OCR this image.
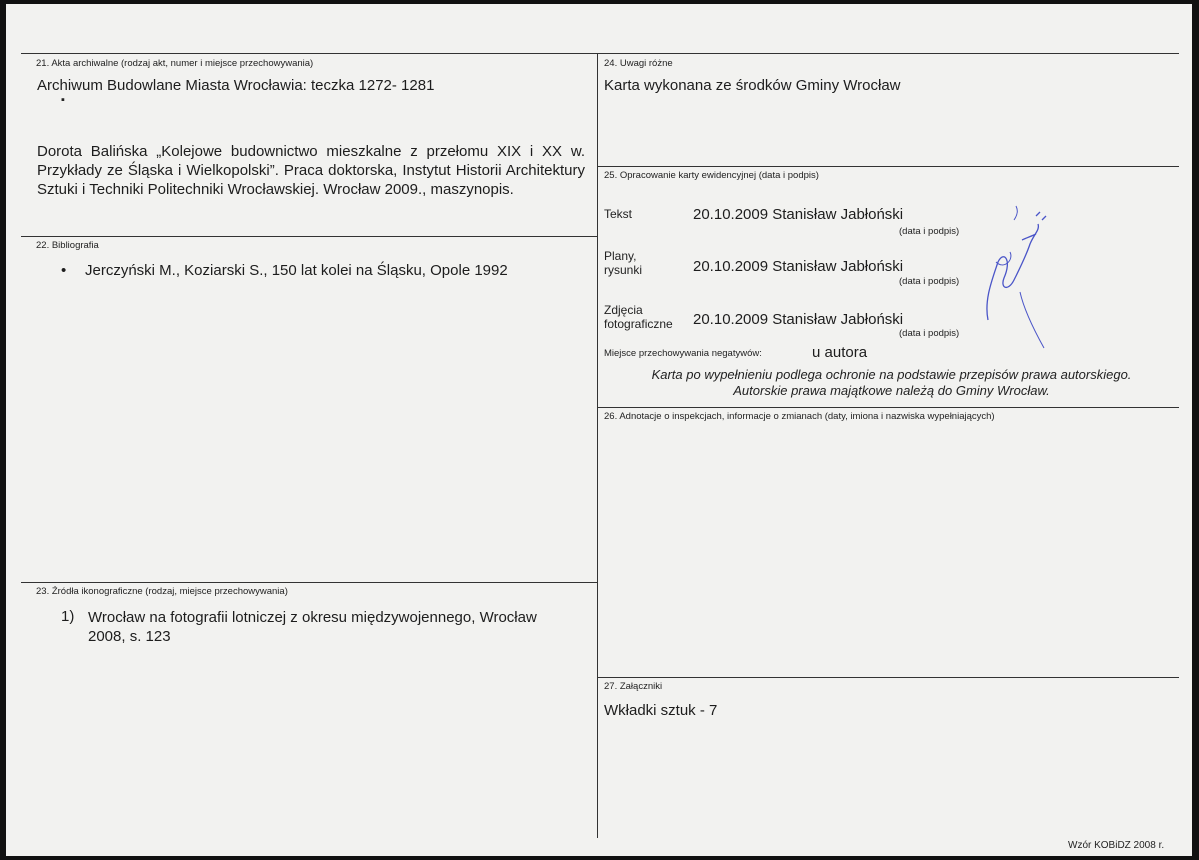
21. Akta archiwalne (rodzaj akt, numer i miejsce przechowywania)
Archiwum Budowlane Miasta Wrocławia: teczka 1272- 1281
▪
Dorota Balińska „Kolejowe budownictwo mieszkalne z przełomu XIX i XX w. Przykłady ze Śląska i Wielkopolski”. Praca doktorska, Instytut Historii Architektury Sztuki i Techniki Politechniki Wrocławskiej. Wrocław 2009., maszynopis.
22. Bibliografia
• Jerczyński M., Koziarski S., 150 lat kolei na Śląsku, Opole 1992
23. Źródła ikonograficzne (rodzaj, miejsce przechowywania)
1) Wrocław na fotografii lotniczej z okresu międzywojennego, Wrocław 2008, s. 123
24. Uwagi różne
Karta wykonana ze środków Gminy Wrocław
25. Opracowanie karty ewidencyjnej (data i podpis)
Tekst	20.10.2009 Stanisław Jabłoński
(data i podpis)
Plany, rysunki	20.10.2009 Stanisław Jabłoński
(data i podpis)
Zdjęcia fotograficzne	20.10.2009 Stanisław Jabłoński
(data i podpis)
Miejsce przechowywania negatywów:	u autora
Karta po wypełnieniu podlega ochronie na podstawie przepisów prawa autorskiego.
Autorskie prawa majątkowe należą do Gminy Wrocław.
26. Adnotacje o inspekcjach, informacje o zmianach (daty, imiona i nazwiska wypełniających)
27. Załączniki
Wkładki sztuk - 7
Wzór KOBiDZ 2008 r.
